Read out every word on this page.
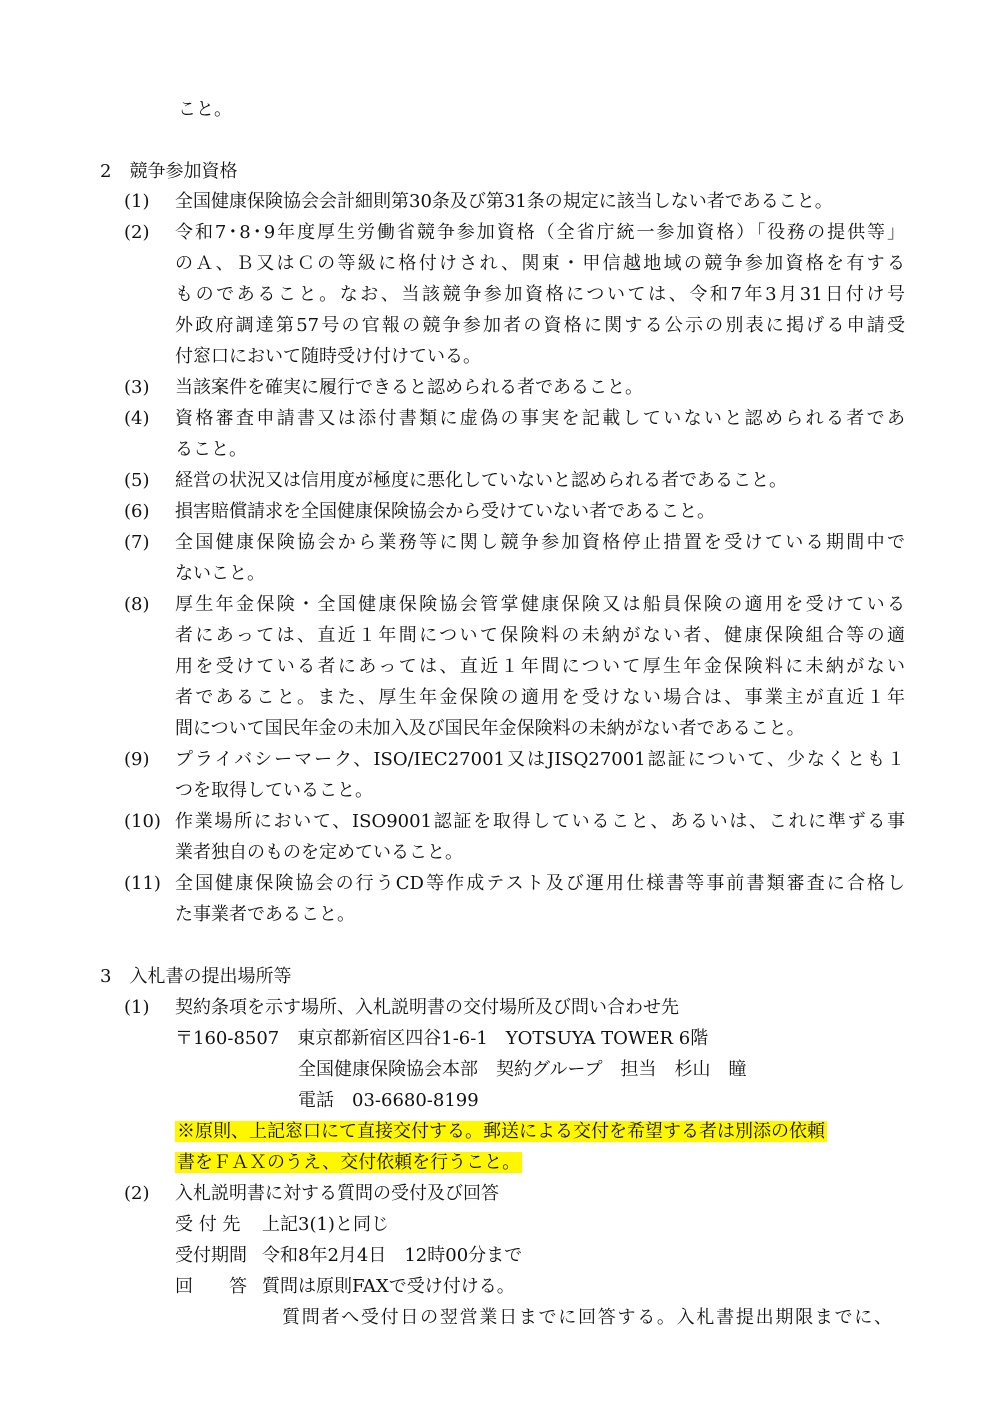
こと。
2　競争参加資格
(1) 全国健康保険協会会計細則第30条及び第31条の規定に該当しない者であること。
(2) 令和7･8･9年度厚生労働省競争参加資格（全省庁統一参加資格）「役務の提供等」
のＡ、Ｂ又はＣの等級に格付けされ、関東・甲信越地域の競争参加資格を有する
ものであること。なお、当該競争参加資格については、令和7年3月31日付け号
外政府調達第57号の官報の競争参加者の資格に関する公示の別表に掲げる申請受
付窓口において随時受け付けている。
(3) 当該案件を確実に履行できると認められる者であること。
(4) 資格審査申請書又は添付書類に虚偽の事実を記載していないと認められる者であ
ること。
(5) 経営の状況又は信用度が極度に悪化していないと認められる者であること。
(6) 損害賠償請求を全国健康保険協会から受けていない者であること。
(7) 全国健康保険協会から業務等に関し競争参加資格停止措置を受けている期間中で
ないこと。
(8) 厚生年金保険・全国健康保険協会管掌健康保険又は船員保険の適用を受けている
者にあっては、直近１年間について保険料の未納がない者、健康保険組合等の適
用を受けている者にあっては、直近１年間について厚生年金保険料に未納がない
者であること。また、厚生年金保険の適用を受けない場合は、事業主が直近１年
間について国民年金の未加入及び国民年金保険料の未納がない者であること。
(9) プライバシーマーク、ISO/IEC27001又はJISQ27001認証について、少なくとも１
つを取得していること。
(10) 作業場所において、ISO9001認証を取得していること、あるいは、これに準ずる事
業者独自のものを定めていること。
(11) 全国健康保険協会の行うCD等作成テスト及び運用仕様書等事前書類審査に合格し
た事業者であること。
3　入札書の提出場所等
(1) 契約条項を示す場所、入札説明書の交付場所及び問い合わせ先
〒160-8507　東京都新宿区四谷1-6-1　YOTSUYA TOWER 6階
全国健康保険協会本部　契約グループ　担当　杉山　瞳
電話　03-6680-8199
※原則、上記窓口にて直接交付する。郵送による交付を希望する者は別添の依頼
書をＦＡＸのうえ、交付依頼を行うこと。
(2) 入札説明書に対する質問の受付及び回答
受 付 先 上記3(1)と同じ
受付期間 令和8年2月4日　12時00分まで
回　　答 質問は原則FAXで受け付ける。
質問者へ受付日の翌営業日までに回答する。入札書提出期限までに、
